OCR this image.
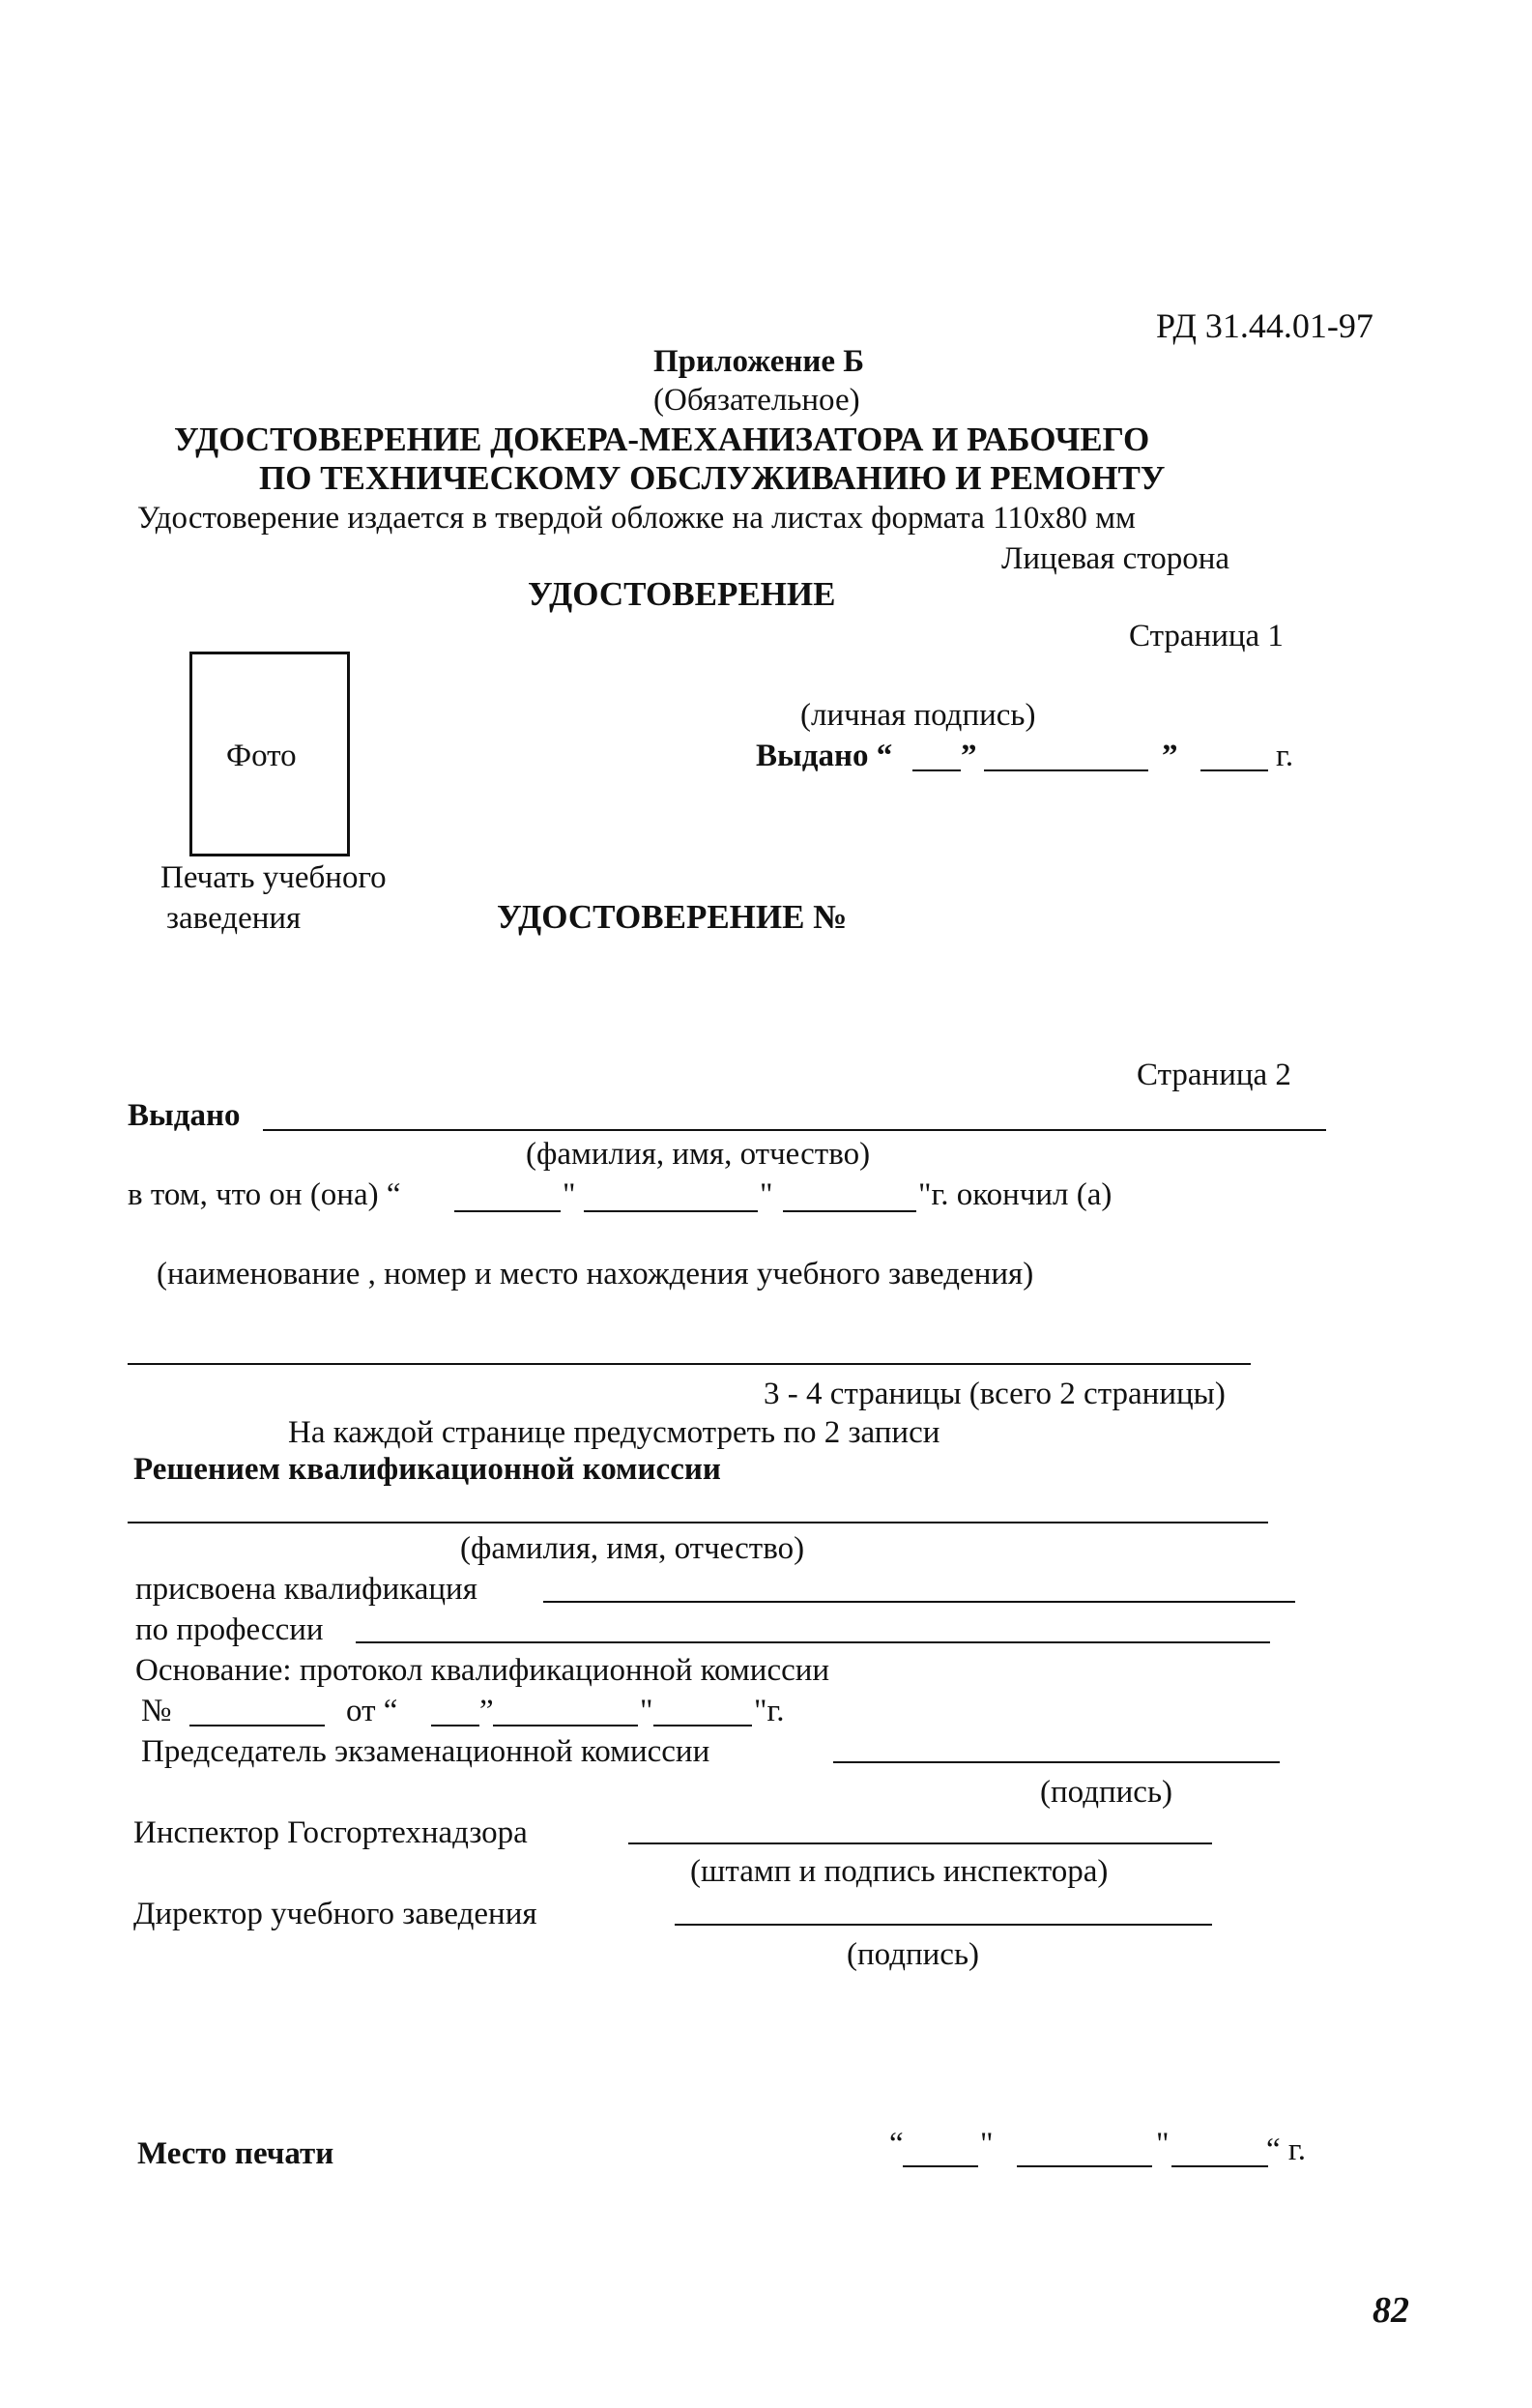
РД 31.44.01-97
Приложение Б
(Обязательное)
УДОСТОВЕРЕНИЕ ДОКЕРА-МЕХАНИЗАТОРА И РАБОЧЕГО
ПО ТЕХНИЧЕСКОМУ ОБСЛУЖИВАНИЮ И РЕМОНТУ
Удостоверение издается в твердой обложке на листах формата 110х80 мм
Лицевая сторона
УДОСТОВЕРЕНИЕ
Страница 1
Фото
(личная подпись)
Выдано “ ”	”	г.
Печать учебного
заведения	УДОСТОВЕРЕНИЕ №
Страница 2
Выдано
(фамилия, имя, отчество)
в том, что он (она) “	"	"	"г. окончил (а)
(наименование , номер и место нахождения учебного заведения)
3 - 4 страницы (всего 2 страницы)
На каждой странице предусмотреть по 2 записи
Решением квалификационной комиссии
(фамилия, имя, отчество)
присвоена квалификация
по профессии
Основание: протокол квалификационной комиссии
№	от “	”	"	"г.
Председатель экзаменационной комиссии
(подпись)
Инспектор Госгортехнадзора
(штамп и подпись инспектора)
Директор учебного заведения
(подпись)
Место печати	“ "	"	“ г.
82
